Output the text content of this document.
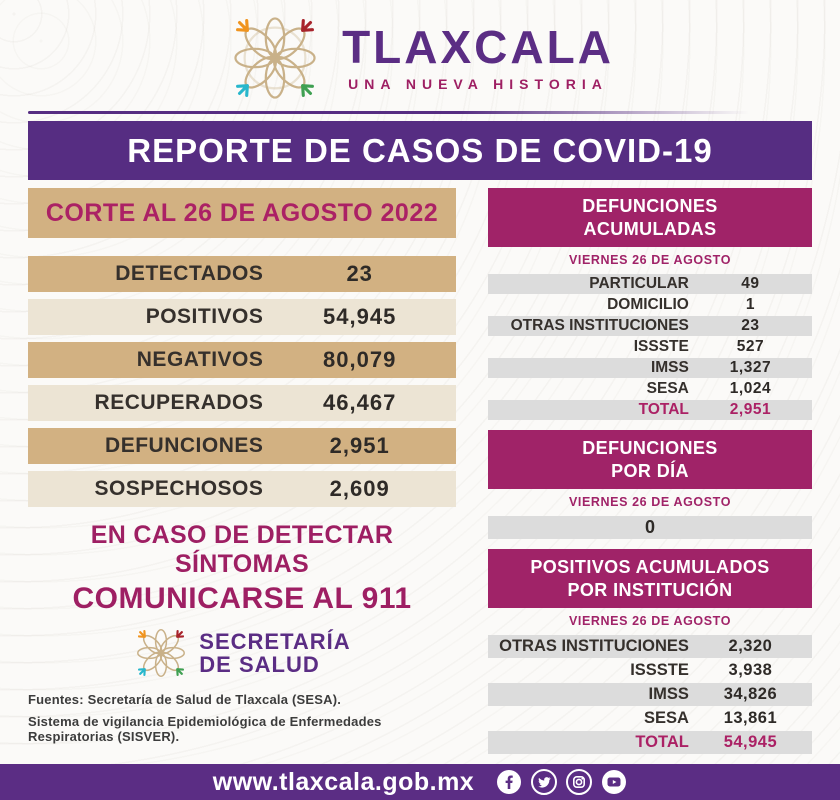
TLAXCALA
UNA NUEVA HISTORIA
REPORTE DE CASOS DE COVID-19
CORTE AL 26 DE AGOSTO 2022
DETECTADOS	23
POSITIVOS	54,945
NEGATIVOS	80,079
RECUPERADOS	46,467
DEFUNCIONES	2,951
SOSPECHOSOS	2,609
EN CASO DE DETECTAR SÍNTOMAS
COMUNICARSE AL 911
SECRETARÍA
DE SALUD
Fuentes: Secretaría de Salud de Tlaxcala (SESA).
Sistema de vigilancia Epidemiológica de Enfermedades Respiratorias (SISVER).
DEFUNCIONES
ACUMULADAS
VIERNES 26 DE AGOSTO
PARTICULAR	49
DOMICILIO	1
OTRAS INSTITUCIONES	23
ISSSTE	527
IMSS	1,327
SESA	1,024
TOTAL	2,951
DEFUNCIONES
POR DÍA
VIERNES 26 DE AGOSTO
0
POSITIVOS ACUMULADOS
POR INSTITUCIÓN
VIERNES 26 DE AGOSTO
OTRAS INSTITUCIONES	2,320
ISSSTE	3,938
IMSS	34,826
SESA	13,861
TOTAL	54,945
www.tlaxcala.gob.mx
